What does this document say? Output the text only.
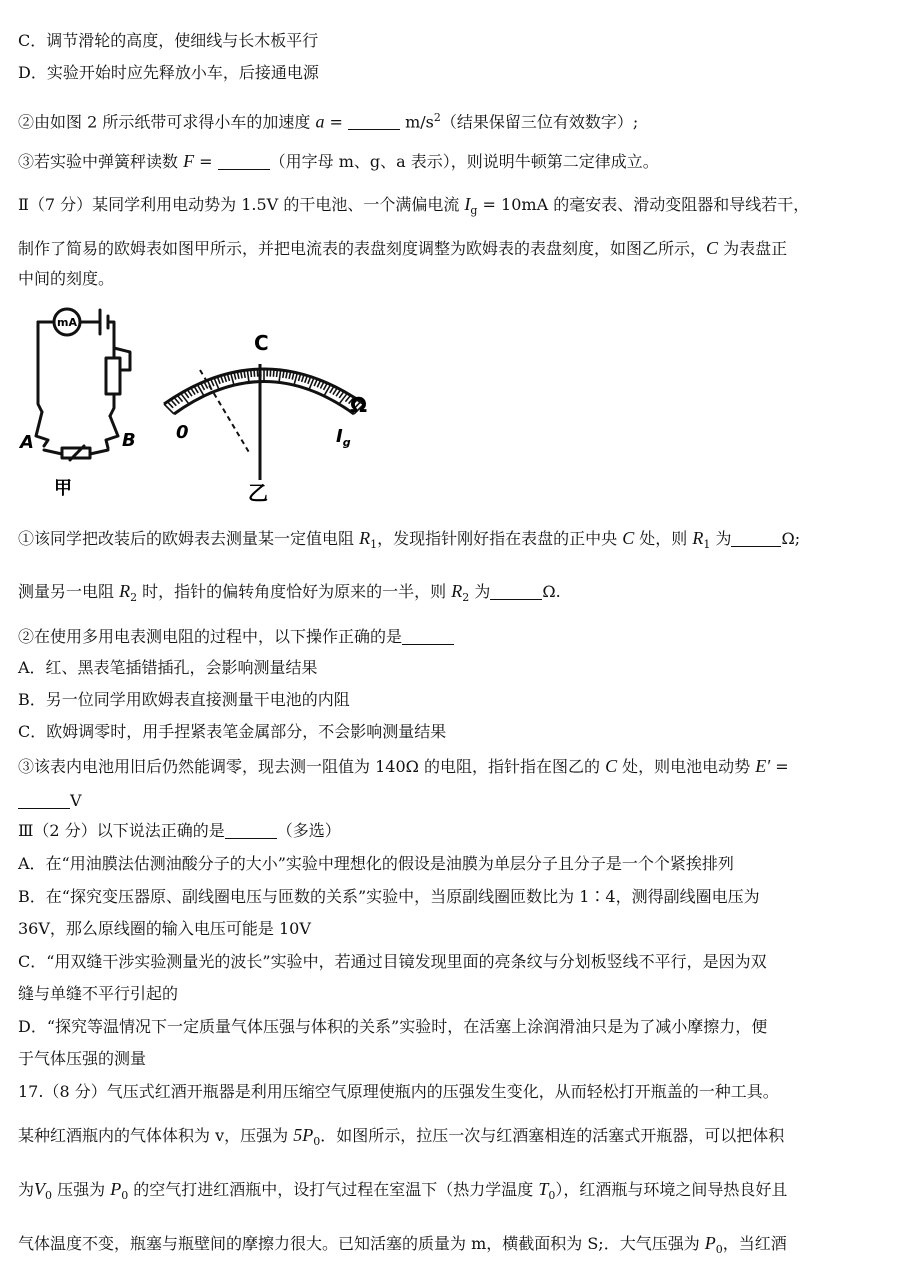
C．调节滑轮的高度，使细线与长木板平行
D．实验开始时应先释放小车，后接通电源
②由如图 2 所示纸带可求得小车的加速度 a =	$m/s^2$（结果保留三位有效数字）;
③若实验中弹簧秤读数 F =	（用字母 m、g、a 表示），则说明牛顿第二定律成立。
Ⅱ（7 分）某同学利用电动势为 1.5V 的干电池、一个满偏电流 $I_g = 10mA$ 的毫安表、滑动变阻器和导线若干，
制作了简易的欧姆表如图甲所示，并把电流表的表盘刻度调整为欧姆表的表盘刻度，如图乙所示，C 为表盘正
中间的刻度。
mA
A	B
甲
C
0
Ω
$I_g$
乙
①该同学把改装后的欧姆表去测量某一定值电阻 $R_1$，发现指针刚好指在表盘的正中央 C 处，则 $R_1$ 为	Ω;
测量另一电阻 $R_2$ 时，指针的偏转角度恰好为原来的一半，则 $R_2$ 为	Ω.
②在使用多用电表测电阻的过程中，以下操作正确的是
A．红、黑表笔插错插孔，会影响测量结果
B．另一位同学用欧姆表直接测量干电池的内阻
C．欧姆调零时，用手捏紧表笔金属部分，不会影响测量结果
③该表内电池用旧后仍然能调零，现去测一阻值为 140Ω 的电阻，指针指在图乙的 C 处，则电池电动势 E′ =
V
Ⅲ（2 分）以下说法正确的是	（多选）
A．在“用油膜法估测油酸分子的大小”实验中理想化的假设是油膜为单层分子且分子是一个个紧挨排列
B．在“探究变压器原、副线圈电压与匝数的关系”实验中，当原副线圈匝数比为 1∶4，测得副线圈电压为
36V，那么原线圈的输入电压可能是 10V
C．“用双缝干涉实验测量光的波长”实验中，若通过目镜发现里面的亮条纹与分划板竖线不平行，是因为双
缝与单缝不平行引起的
D．“探究等温情况下一定质量气体压强与体积的关系”实验时，在活塞上涂润滑油只是为了减小摩擦力，便
于气体压强的测量
17.（8 分）气压式红酒开瓶器是利用压缩空气原理使瓶内的压强发生变化，从而轻松打开瓶盖的一种工具。
某种红酒瓶内的气体体积为 v，压强为 $5P_0$．如图所示，拉压一次与红酒塞相连的活塞式开瓶器，可以把体积
为$V_0$ 压强为 $P_0$ 的空气打进红酒瓶中，设打气过程在室温下（热力学温度 $T_0$），红酒瓶与环境之间导热良好且
气体温度不变，瓶塞与瓶壁间的摩擦力很大。已知活塞的质量为 m，横截面积为 S;．大气压强为 $P_0$，当红酒
